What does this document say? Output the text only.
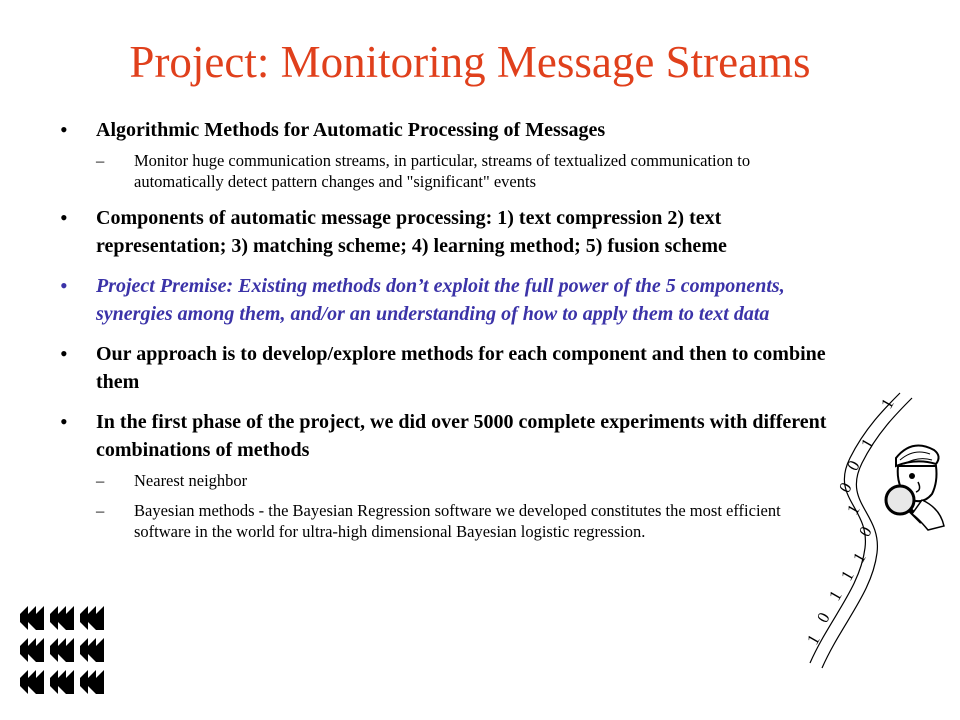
Project: Monitoring Message Streams
• Algorithmic Methods for Automatic Processing of Messages
– Monitor huge communication streams, in particular, streams of textualized communication to automatically detect pattern changes and "significant" events
• Components of automatic message processing: 1) text compression 2) text representation; 3) matching scheme; 4) learning method; 5) fusion scheme
• Project Premise: Existing methods don’t exploit the full power of the 5 components, synergies among them, and/or an understanding of how to apply them to text data
• Our approach is to develop/explore methods for each component and then to combine them
• In the first phase of the project, we did over 5000 complete experiments with different combinations of methods
– Nearest neighbor
– Bayesian methods - the Bayesian Regression software we developed constitutes the most efficient software in the world for ultra-high dimensional Bayesian logistic regression.
1
0
1
1
1
0
1
0
0
1
1
